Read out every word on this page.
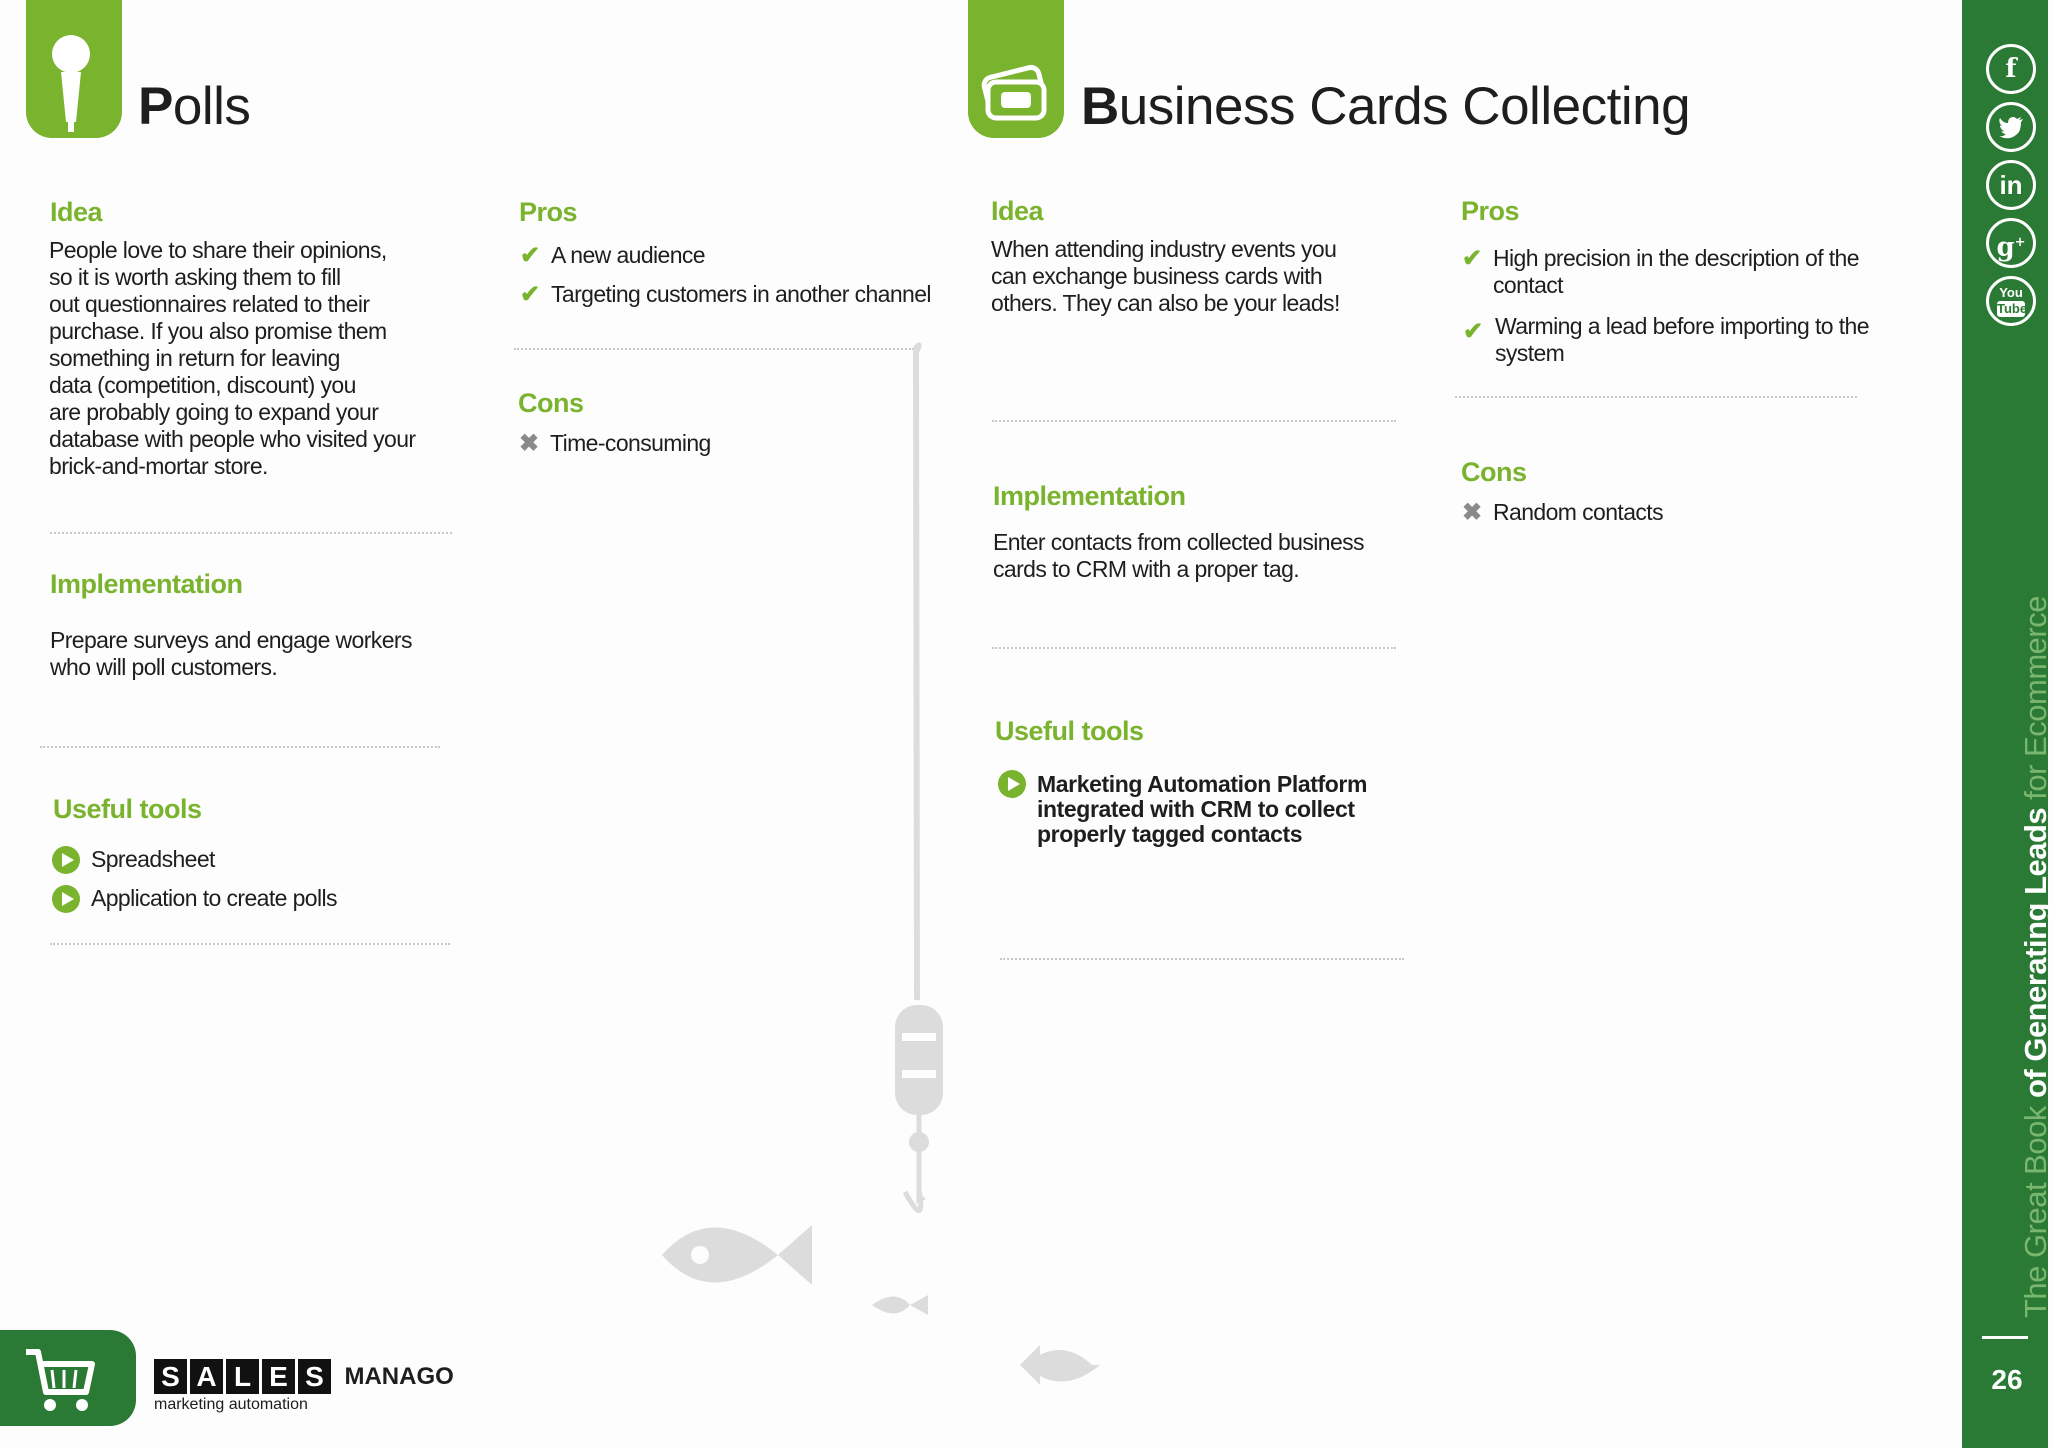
Polls
Idea
People love to share their opinions,
so it is worth asking them to fill
out questionnaires related to their
purchase. If you also promise them
something in return for leaving
data (competition, discount) you
are probably going to expand your
database with people who visited your
brick-and-mortar store.
Implementation
Prepare surveys and engage workers
who will poll customers.
Useful tools
Spreadsheet
Application to create polls
Pros
✔ A new audience
✔ Targeting customers in another channel
Cons
✖ Time-consuming
Business Cards Collecting
Idea
When attending industry events you
can exchange business cards with
others. They can also be your leads!
Implementation
Enter contacts from collected business
cards to CRM with a proper tag.
Useful tools
Marketing Automation Platform
integrated with CRM to collect
properly tagged contacts
Pros
✔ High precision in the description of the
contact
✔ Warming a lead before importing to the
system
Cons
✖ Random contacts
f
in
g+
You
Tube
The Great Book of Generating Leads for Ecommerce
26
S A L E S MANAGO
marketing automation
